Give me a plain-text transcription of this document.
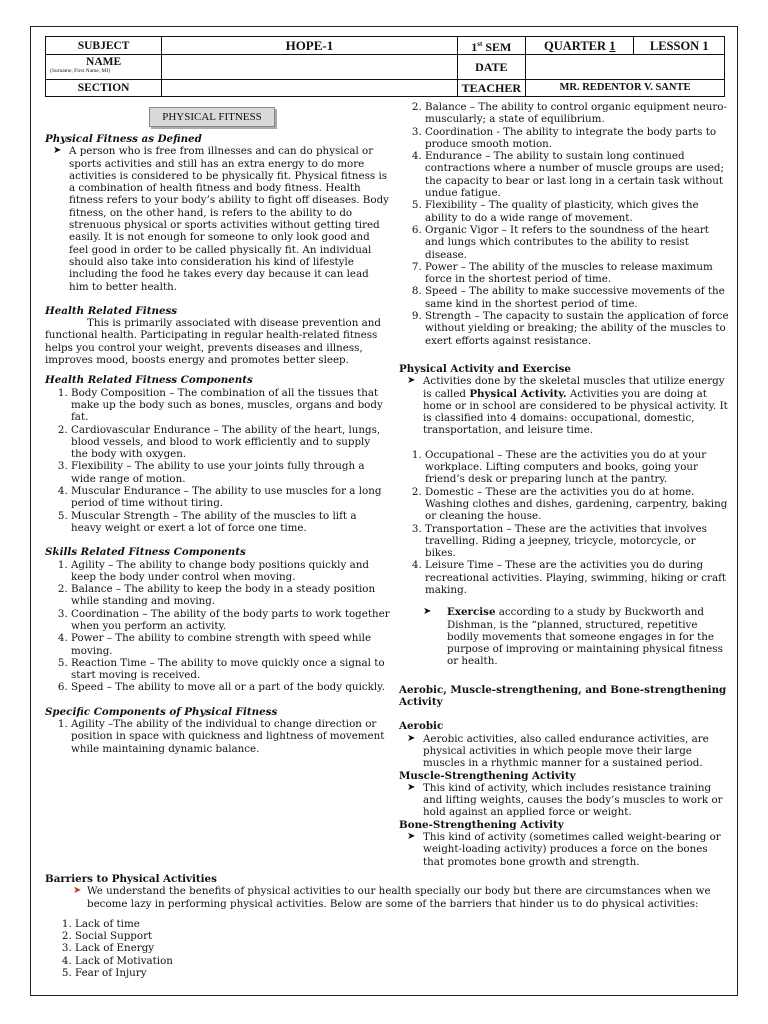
SUBJECT	HOPE-1	1st SEM	QUARTER 1	LESSON 1
NAME
(Surname, First Name, MI)		DATE		
SECTION		TEACHER	MR. REDENTOR V. SANTE	
PHYSICAL FITNESS
Physical Fitness as Defined
➤ A person who is free from illnesses and can do physical or sports activities and still has an extra energy to do more activities is considered to be physically fit. Physical fitness is a combination of health fitness and body fitness. Health fitness refers to your body’s ability to fight off diseases. Body fitness, on the other hand, is refers to the ability to do strenuous physical or sports activities without getting tired easily. It is not enough for someone to only look good and feel good in order to be called physically fit. An individual should also take into consideration his kind of lifestyle including the food he takes every day because it can lead him to better health.
Health Related Fitness

This is primarily associated with disease prevention and functional health. Participating in regular health-related fitness helps you control your weight, prevents diseases and illness, improves mood, boosts energy and promotes better sleep.

Health Related Fitness Components
1. Body Composition – The combination of all the tissues that make up the body such as bones, muscles, organs and body fat.
2. Cardiovascular Endurance – The ability of the heart, lungs, blood vessels, and blood to work efficiently and to supply the body with oxygen.
3. Flexibility – The ability to use your joints fully through a wide range of motion.
4. Muscular Endurance – The ability to use muscles for a long period of time without tiring.
5. Muscular Strength – The ability of the muscles to lift a heavy weight or exert a lot of force one time.
Skills Related Fitness Components
1. Agility – The ability to change body positions quickly and keep the body under control when moving.
2. Balance – The ability to keep the body in a steady position while standing and moving.
3. Coordination – The ability of the body parts to work together when you perform an activity.
4. Power – The ability to combine strength with speed while moving.
5. Reaction Time – The ability to move quickly once a signal to start moving is received.
6. Speed – The ability to move all or a part of the body quickly.
Specific Components of Physical Fitness
1. Agility –The ability of the individual to change direction or position in space with quickness and lightness of movement while maintaining dynamic balance.
2. Balance – The ability to control organic equipment neuro-muscularly; a state of equilibrium.
3. Coordination - The ability to integrate the body parts to produce smooth motion.
4. Endurance – The ability to sustain long continued contractions where a number of muscle groups are used; the capacity to bear or last long in a certain task without undue fatigue.
5. Flexibility – The quality of plasticity, which gives the ability to do a wide range of movement.
6. Organic Vigor – It refers to the soundness of the heart and lungs which contributes to the ability to resist disease.
7. Power – The ability of the muscles to release maximum force in the shortest period of time.
8. Speed – The ability to make successive movements of the same kind in the shortest period of time.
9. Strength – The capacity to sustain the application of force without yielding or breaking; the ability of the muscles to exert efforts against resistance.
Physical Activity and Exercise
➤ Activities done by the skeletal muscles that utilize energy is called Physical Activity. Activities you are doing at home or in school are considered to be physical activity. It is classified into 4 domains: occupational, domestic, transportation, and leisure time.
1. Occupational – These are the activities you do at your workplace. Lifting computers and books, going your friend’s desk or preparing lunch at the pantry.
2. Domestic – These are the activities you do at home. Washing clothes and dishes, gardening, carpentry, baking or cleaning the house.
3. Transportation – These are the activities that involves travelling. Riding a jeepney, tricycle, motorcycle, or bikes.
4. Leisure Time – These are the activities you do during recreational activities. Playing, swimming, hiking or craft making.
➤ Exercise according to a study by Buckworth and Dishman, is the “planned, structured, repetitive bodily movements that someone engages in for the purpose of improving or maintaining physical fitness or health.
Aerobic, Muscle-strengthening, and Bone-strengthening Activity
Aerobic
➤ Aerobic activities, also called endurance activities, are physical activities in which people move their large muscles in a rhythmic manner for a sustained period.
Muscle-Strengthening Activity
➤ This kind of activity, which includes resistance training and lifting weights, causes the body’s muscles to work or hold against an applied force or weight.
Bone-Strengthening Activity
➤ This kind of activity (sometimes called weight-bearing or weight-loading activity) produces a force on the bones that promotes bone growth and strength.
Barriers to Physical Activities
➤ We understand the benefits of physical activities to our health specially our body but there are circumstances when we become lazy in performing physical activities. Below are some of the barriers that hinder us to do physical activities:
1. Lack of time
2. Social Support
3. Lack of Energy
4. Lack of Motivation
5. Fear of Injury
